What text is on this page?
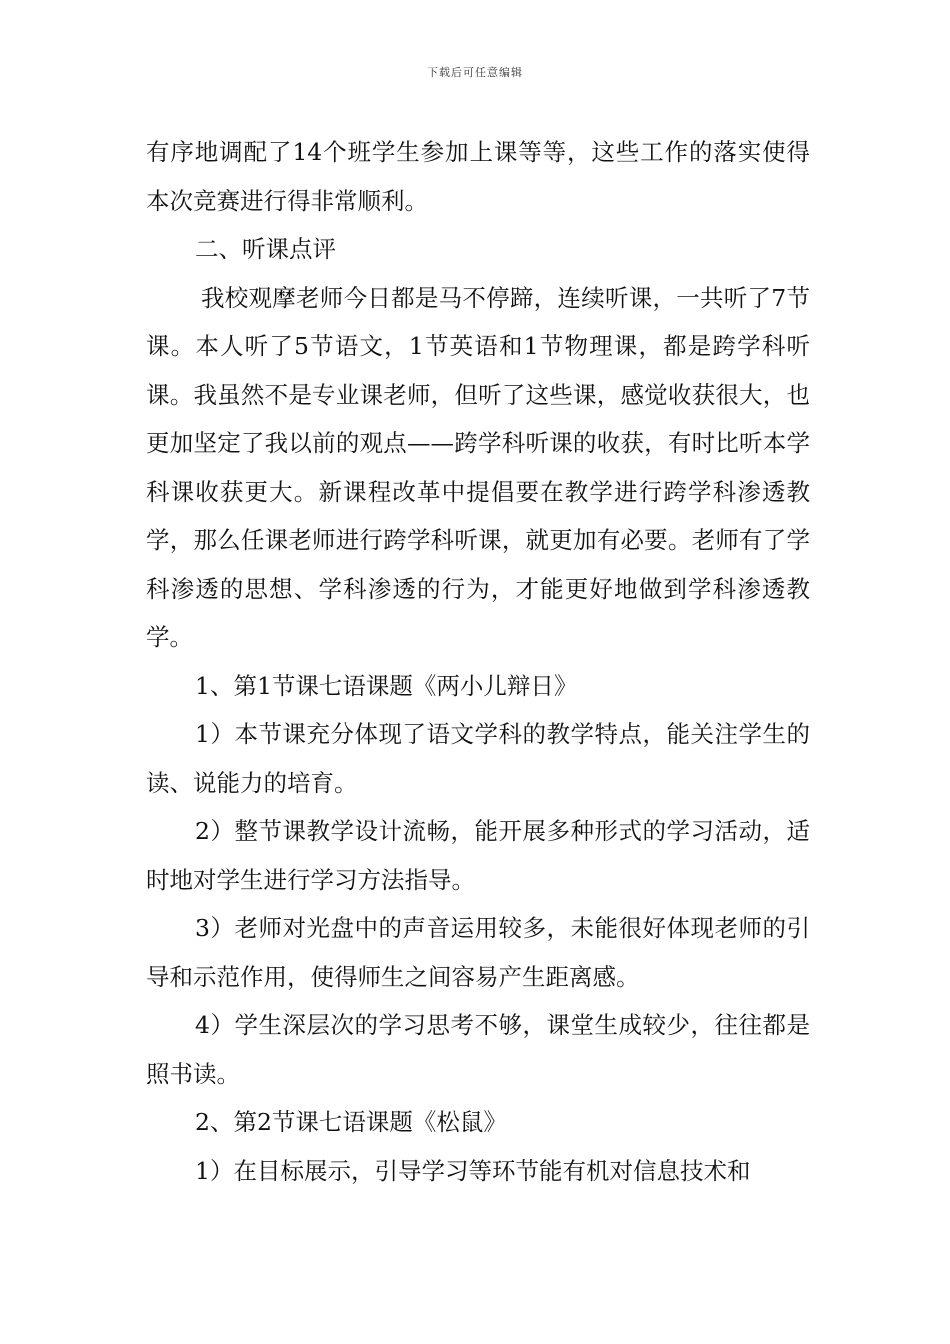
下载后可任意编辑

有序地调配了14个班学生参加上课等等，这些工作的落实使得本次竞赛进行得非常顺利。

二、听课点评

我校观摩老师今日都是马不停蹄，连续听课，一共听了7节课。本人听了5节语文，1节英语和1节物理课，都是跨学科听课。我虽然不是专业课老师，但听了这些课，感觉收获很大，也更加坚定了我以前的观点——跨学科听课的收获，有时比听本学科课收获更大。新课程改革中提倡要在教学进行跨学科渗透教学，那么任课老师进行跨学科听课，就更加有必要。老师有了学科渗透的思想、学科渗透的行为，才能更好地做到学科渗透教学。

1、第1节课七语课题《两小儿辩日》

1）本节课充分体现了语文学科的教学特点，能关注学生的读、说能力的培育。

2）整节课教学设计流畅，能开展多种形式的学习活动，适时地对学生进行学习方法指导。

3）老师对光盘中的声音运用较多，未能很好体现老师的引导和示范作用，使得师生之间容易产生距离感。

4）学生深层次的学习思考不够，课堂生成较少，往往都是照书读。

2、第2节课七语课题《松鼠》

1）在目标展示，引导学习等环节能有机对信息技术和
